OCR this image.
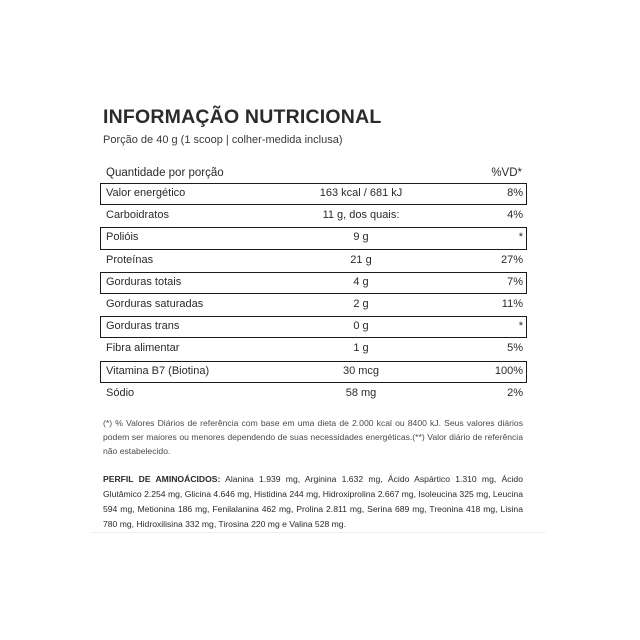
INFORMAÇÃO NUTRICIONAL
Porção de 40 g (1 scoop | colher-medida inclusa)
Quantidade por porção	%VD*
Valor energético	163 kcal / 681 kJ	8%
Carboidratos	11 g, dos quais:	4%
Polióis	9 g	*
Proteínas	21 g	27%
Gorduras totais	4 g	7%
Gorduras saturadas	2 g	11%
Gorduras trans	0 g	*
Fibra alimentar	1 g	5%
Vitamina B7 (Biotina)	30 mcg	100%
Sódio	58 mg	2%
(*) % Valores Diários de referência com base em uma dieta de 2.000 kcal ou 8400 kJ. Seus valores diários podem ser maiores ou menores dependendo de suas necessidades energéticas.(**) Valor diário de referência não estabelecido.
PERFIL DE AMINOÁCIDOS: Alanina 1.939 mg, Arginina 1.632 mg, Ácido Aspártico 1.310 mg, Ácido Glutâmico 2.254 mg, Glicina 4.646 mg, Histidina 244 mg, Hidroxiprolina 2.667 mg, Isoleucina 325 mg, Leucina 594 mg, Metionina 186 mg, Fenilalanina 462 mg, Prolina 2.811 mg, Serina 689 mg, Treonina 418 mg, Lisina 780 mg, Hidroxilisina 332 mg, Tirosina 220 mg e Valina 528 mg.
